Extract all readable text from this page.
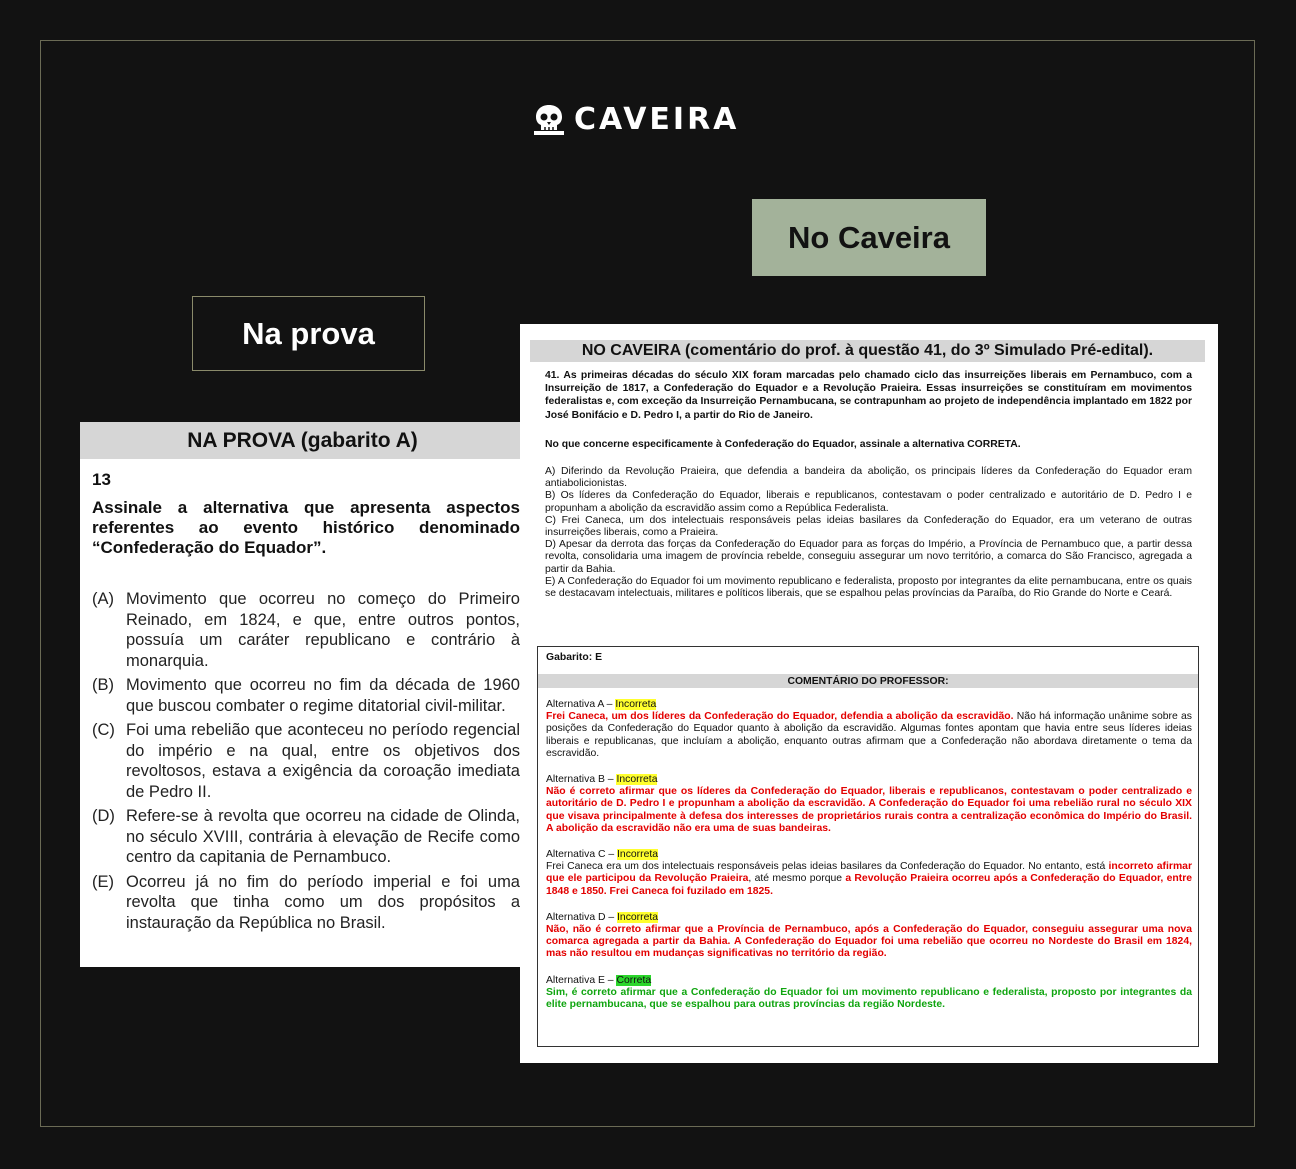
CAVEIRA
No Caveira
Na prova
NA PROVA (gabarito A)
13
Assinale a alternativa que apresenta aspectos referentes ao evento histórico denominado “Confederação do Equador”.
(A) Movimento que ocorreu no começo do Primeiro Reinado, em 1824, e que, entre outros pontos, possuía um caráter republicano e contrário à monarquia.
(B) Movimento que ocorreu no fim da década de 1960 que buscou combater o regime ditatorial civil-militar.
(C) Foi uma rebelião que aconteceu no período regencial do império e na qual, entre os objetivos dos revoltosos, estava a exigência da coroação imediata de Pedro II.
(D) Refere-se à revolta que ocorreu na cidade de Olinda, no século XVIII, contrária à elevação de Recife como centro da capitania de Pernambuco.
(E) Ocorreu já no fim do período imperial e foi uma revolta que tinha como um dos propósitos a instauração da República no Brasil.
NO CAVEIRA (comentário do prof. à questão 41, do 3º Simulado Pré-edital).
41. As primeiras décadas do século XIX foram marcadas pelo chamado ciclo das insurreições liberais em Pernambuco, com a Insurreição de 1817, a Confederação do Equador e a Revolução Praieira. Essas insurreições se constituíram em movimentos federalistas e, com exceção da Insurreição Pernambucana, se contrapunham ao projeto de independência implantado em 1822 por José Bonifácio e D. Pedro I, a partir do Rio de Janeiro.
No que concerne especificamente à Confederação do Equador, assinale a alternativa CORRETA.
A) Diferindo da Revolução Praieira, que defendia a bandeira da abolição, os principais líderes da Confederação do Equador eram antiabolicionistas.
B) Os líderes da Confederação do Equador, liberais e republicanos, contestavam o poder centralizado e autoritário de D. Pedro I e propunham a abolição da escravidão assim como a República Federalista.
C) Frei Caneca, um dos intelectuais responsáveis pelas ideias basilares da Confederação do Equador, era um veterano de outras insurreições liberais, como a Praieira.
D) Apesar da derrota das forças da Confederação do Equador para as forças do Império, a Província de Pernambuco que, a partir dessa revolta, consolidaria uma imagem de província rebelde, conseguiu assegurar um novo território, a comarca do São Francisco, agregada a partir da Bahia.
E) A Confederação do Equador foi um movimento republicano e federalista, proposto por integrantes da elite pernambucana, entre os quais se destacavam intelectuais, militares e políticos liberais, que se espalhou pelas províncias da Paraíba, do Rio Grande do Norte e Ceará.
Gabarito: E
COMENTÁRIO DO PROFESSOR:
Alternativa A – Incorreta
Frei Caneca, um dos líderes da Confederação do Equador, defendia a abolição da escravidão. Não há informação unânime sobre as posições da Confederação do Equador quanto à abolição da escravidão. Algumas fontes apontam que havia entre seus líderes ideias liberais e republicanas, que incluíam a abolição, enquanto outras afirmam que a Confederação não abordava diretamente o tema da escravidão.
Alternativa B – Incorreta
Não é correto afirmar que os líderes da Confederação do Equador, liberais e republicanos, contestavam o poder centralizado e autoritário de D. Pedro I e propunham a abolição da escravidão. A Confederação do Equador foi uma rebelião rural no século XIX que visava principalmente à defesa dos interesses de proprietários rurais contra a centralização econômica do Império do Brasil. A abolição da escravidão não era uma de suas bandeiras.
Alternativa C – Incorreta
Frei Caneca era um dos intelectuais responsáveis pelas ideias basilares da Confederação do Equador. No entanto, está incorreto afirmar que ele participou da Revolução Praieira, até mesmo porque a Revolução Praieira ocorreu após a Confederação do Equador, entre 1848 e 1850. Frei Caneca foi fuzilado em 1825.
Alternativa D – Incorreta
Não, não é correto afirmar que a Província de Pernambuco, após a Confederação do Equador, conseguiu assegurar uma nova comarca agregada a partir da Bahia. A Confederação do Equador foi uma rebelião que ocorreu no Nordeste do Brasil em 1824, mas não resultou em mudanças significativas no território da região.
Alternativa E – Correta
Sim, é correto afirmar que a Confederação do Equador foi um movimento republicano e federalista, proposto por integrantes da elite pernambucana, que se espalhou para outras províncias da região Nordeste.
